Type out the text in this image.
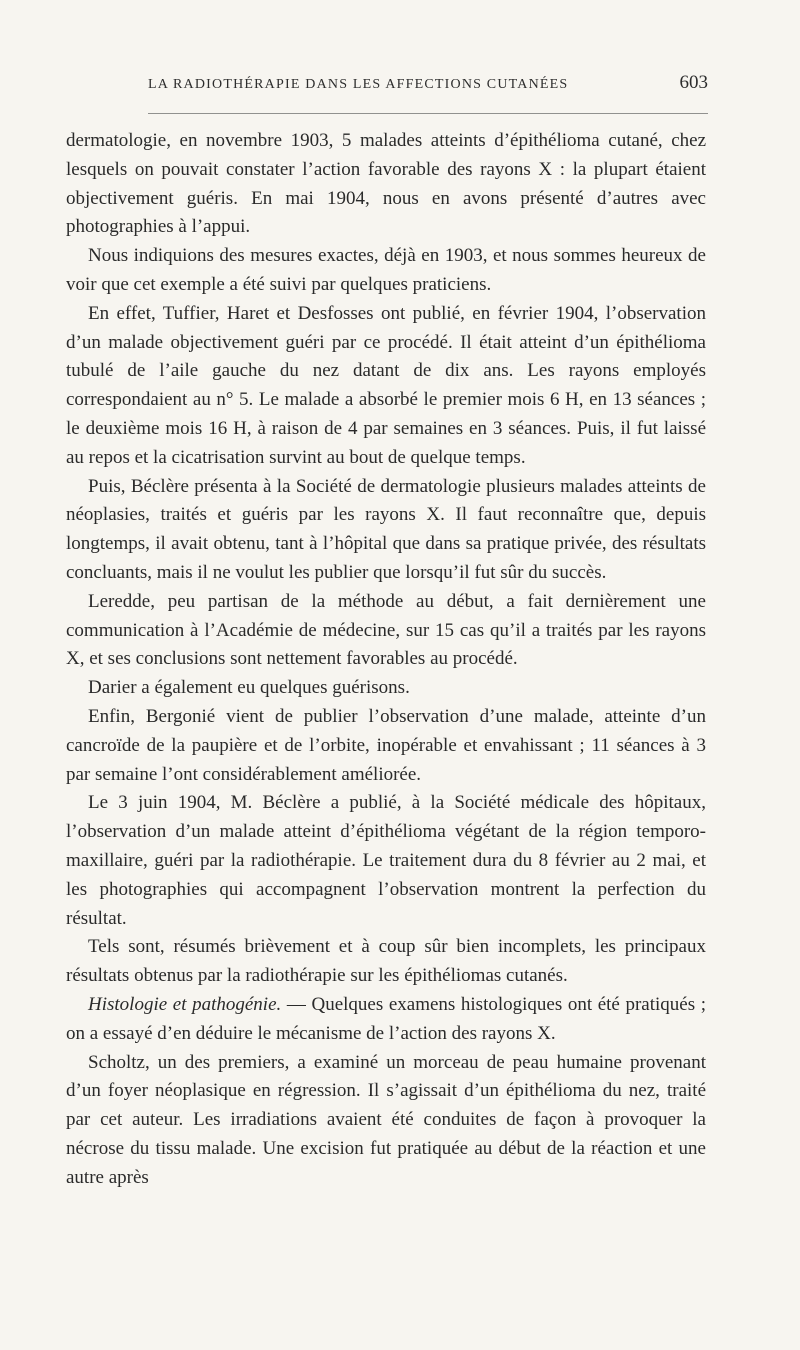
LA RADIOTHÉRAPIE DANS LES AFFECTIONS CUTANÉES	603

dermatologie, en novembre 1903, 5 malades atteints d’épithélioma cutané, chez lesquels on pouvait constater l’action favorable des rayons X : la plupart étaient objectivement guéris. En mai 1904, nous en avons présenté d’autres avec photographies à l’appui.

Nous indiquions des mesures exactes, déjà en 1903, et nous sommes heureux de voir que cet exemple a été suivi par quelques praticiens.

En effet, Tuffier, Haret et Desfosses ont publié, en février 1904, l’observation d’un malade objectivement guéri par ce procédé. Il était atteint d’un épithélioma tubulé de l’aile gauche du nez datant de dix ans. Les rayons employés correspondaient au n° 5. Le malade a absorbé le premier mois 6 H, en 13 séances ; le deuxième mois 16 H, à raison de 4 par semaines en 3 séances. Puis, il fut laissé au repos et la cicatrisation survint au bout de quelque temps.

Puis, Béclère présenta à la Société de dermatologie plusieurs malades atteints de néoplasies, traités et guéris par les rayons X. Il faut reconnaître que, depuis longtemps, il avait obtenu, tant à l’hôpital que dans sa pratique privée, des résultats concluants, mais il ne voulut les publier que lorsqu’il fut sûr du succès.

Leredde, peu partisan de la méthode au début, a fait dernièrement une communication à l’Académie de médecine, sur 15 cas qu’il a traités par les rayons X, et ses conclusions sont nettement favorables au procédé.

Darier a également eu quelques guérisons.

Enfin, Bergonié vient de publier l’observation d’une malade, atteinte d’un cancroïde de la paupière et de l’orbite, inopérable et envahissant ; 11 séances à 3 par semaine l’ont considérablement améliorée.

Le 3 juin 1904, M. Béclère a publié, à la Société médicale des hôpitaux, l’observation d’un malade atteint d’épithélioma végétant de la région temporo-maxillaire, guéri par la radiothérapie. Le traitement dura du 8 février au 2 mai, et les photographies qui accompagnent l’observation montrent la perfection du résultat.

Tels sont, résumés brièvement et à coup sûr bien incomplets, les principaux résultats obtenus par la radiothérapie sur les épithéliomas cutanés.

Histologie et pathogénie. — Quelques examens histologiques ont été pratiqués ; on a essayé d’en déduire le mécanisme de l’action des rayons X.

Scholtz, un des premiers, a examiné un morceau de peau humaine provenant d’un foyer néoplasique en régression. Il s’agissait d’un épithélioma du nez, traité par cet auteur. Les irradiations avaient été conduites de façon à provoquer la nécrose du tissu malade. Une excision fut pratiquée au début de la réaction et une autre après
